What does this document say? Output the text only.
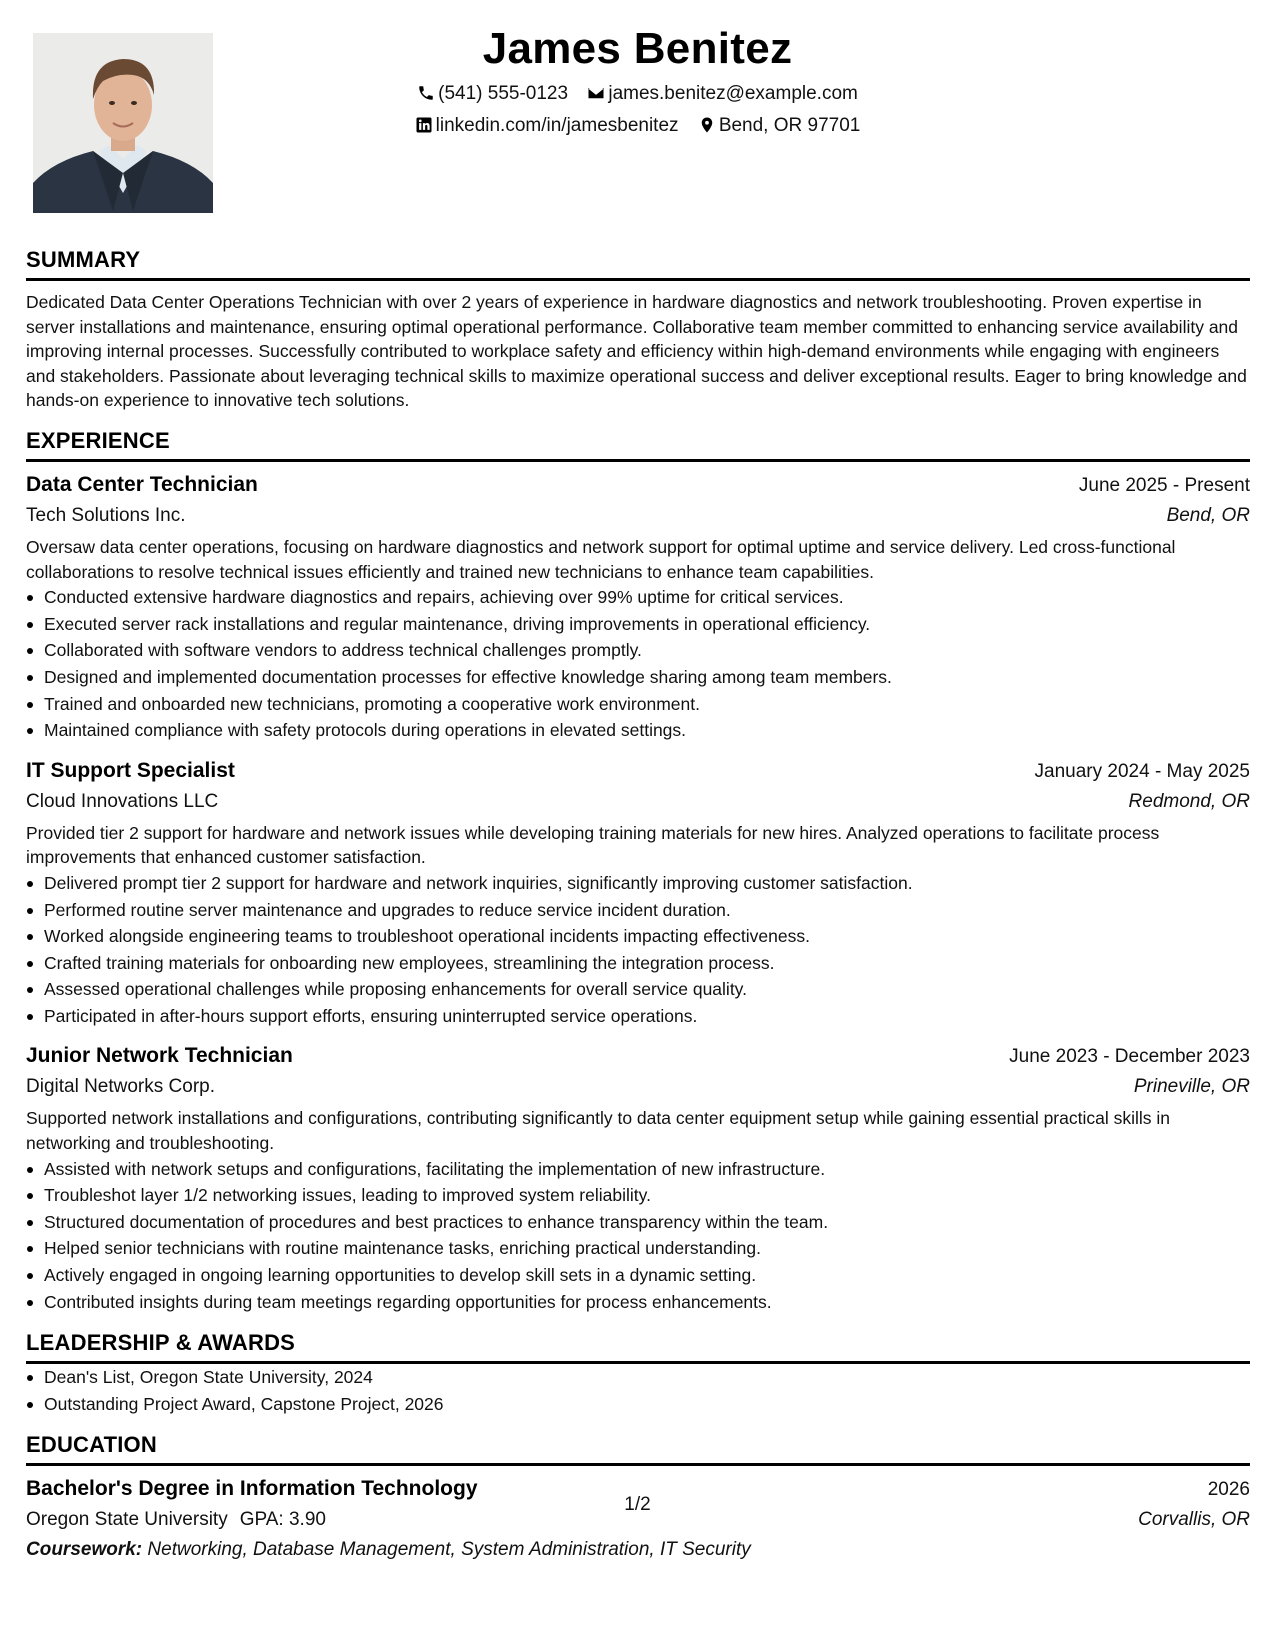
James Benitez
(541) 555-0123 james.benitez@example.com
linkedin.com/in/jamesbenitez Bend, OR 97701
SUMMARY
Dedicated Data Center Operations Technician with over 2 years of experience in hardware diagnostics and network troubleshooting. Proven expertise in server installations and maintenance, ensuring optimal operational performance. Collaborative team member committed to enhancing service availability and improving internal processes. Successfully contributed to workplace safety and efficiency within high-demand environments while engaging with engineers and stakeholders. Passionate about leveraging technical skills to maximize operational success and deliver exceptional results. Eager to bring knowledge and hands-on experience to innovative tech solutions.
EXPERIENCE
Data Center Technician	June 2025 - Present
Tech Solutions Inc.	Bend, OR
Oversaw data center operations, focusing on hardware diagnostics and network support for optimal uptime and service delivery. Led cross-functional collaborations to resolve technical issues efficiently and trained new technicians to enhance team capabilities.
Conducted extensive hardware diagnostics and repairs, achieving over 99% uptime for critical services.
Executed server rack installations and regular maintenance, driving improvements in operational efficiency.
Collaborated with software vendors to address technical challenges promptly.
Designed and implemented documentation processes for effective knowledge sharing among team members.
Trained and onboarded new technicians, promoting a cooperative work environment.
Maintained compliance with safety protocols during operations in elevated settings.
IT Support Specialist	January 2024 - May 2025
Cloud Innovations LLC	Redmond, OR
Provided tier 2 support for hardware and network issues while developing training materials for new hires. Analyzed operations to facilitate process improvements that enhanced customer satisfaction.
Delivered prompt tier 2 support for hardware and network inquiries, significantly improving customer satisfaction.
Performed routine server maintenance and upgrades to reduce service incident duration.
Worked alongside engineering teams to troubleshoot operational incidents impacting effectiveness.
Crafted training materials for onboarding new employees, streamlining the integration process.
Assessed operational challenges while proposing enhancements for overall service quality.
Participated in after-hours support efforts, ensuring uninterrupted service operations.
Junior Network Technician	June 2023 - December 2023
Digital Networks Corp.	Prineville, OR
Supported network installations and configurations, contributing significantly to data center equipment setup while gaining essential practical skills in networking and troubleshooting.
Assisted with network setups and configurations, facilitating the implementation of new infrastructure.
Troubleshot layer 1/2 networking issues, leading to improved system reliability.
Structured documentation of procedures and best practices to enhance transparency within the team.
Helped senior technicians with routine maintenance tasks, enriching practical understanding.
Actively engaged in ongoing learning opportunities to develop skill sets in a dynamic setting.
Contributed insights during team meetings regarding opportunities for process enhancements.
LEADERSHIP & AWARDS
Dean's List, Oregon State University, 2024
Outstanding Project Award, Capstone Project, 2026
EDUCATION
Bachelor's Degree in Information Technology	2026
Oregon State University GPA: 3.90	Corvallis, OR
Coursework: Networking, Database Management, System Administration, IT Security
1/2
